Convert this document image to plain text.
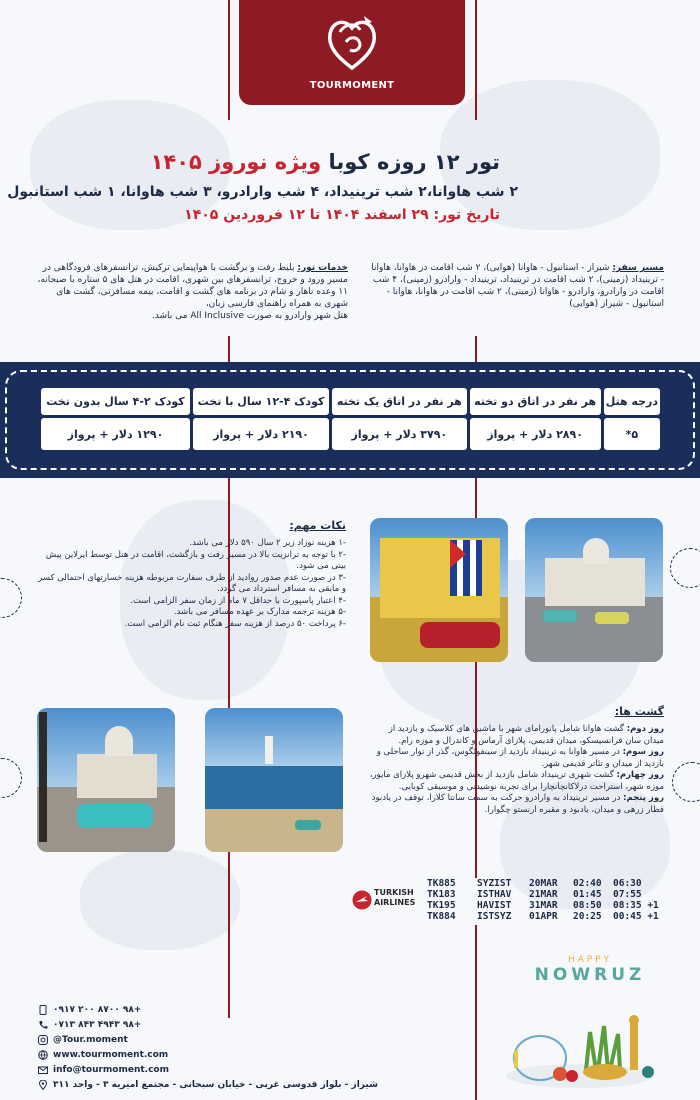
TOURMOMENT
تور ۱۲ روزه کوبا ویژه نوروز ۱۴۰۵
۲ شب هاوانا،۲ شب ترینیداد، ۴ شب وارادرو، ۳ شب هاوانا، ۱ شب استانبول
تاریخ تور: ۲۹ اسفند ۱۴۰۴ تا ۱۲ فروردین ۱۴۰۵
مسیر سفر: شیراز - استانبول - هاوانا (هوایی)، ۲ شب اقامت در هاوانا، هاوانا - ترینیداد (زمینی)، ۲ شب اقامت در ترینیداد، ترینیداد - وارادرو (زمینی)، ۴ شب اقامت در وارادرو، وارادرو - هاوانا (زمینی)، ۲ شب اقامت در هاوانا، هاوانا - استانبول - شیراز (هوایی)
خدمات تور: بلیط رفت و برگشت با هواپیمایی ترکیش، ترانسفرهای فرودگاهی در مسیر ورود و خروج، ترانسفرهای بین شهری، اقامت در هتل های ۵ ستاره با صبحانه، ۱۱ وعده ناهار و شام در برنامه های گشت و اقامت، بیمه مسافرتی، گشت های شهری به همراه راهنمای فارسی زبان،
هتل شهر وارادرو به صورت All Inclusive می باشد.
درجه هتل	هر نفر در اتاق دو تخته	هر نفر در اتاق یک تخته	کودک ۴-۱۲ سال با تخت	کودک ۲-۴ سال بدون تخت
۵*	۲۸۹۰ دلار + پرواز	۳۷۹۰ دلار + پرواز	۲۱۹۰ دلار + پرواز	۱۲۹۰ دلار + پرواز
نکات مهم:
-۱ هزینه نوزاد زیر ۲ سال ۵۹۰ دلار می باشد.
-۲ با توجه به ترانزیت بالا در مسیر رفت و بازگشت، اقامت در هتل توسط ایرلاین پیش بینی می شود.
-۳ در صورت عدم صدور روادید از طرف سفارت مربوطه هزینه خسارتهای احتمالی کسر و مابقی به مسافر استرداد می گردد.
-۴ اعتبار پاسپورت با حداقل ۷ ماه از زمان سفر الزامی است.
-۵ هزینه ترجمه مدارک بر عهده مسافر می باشد.
-۶ پرداخت ۵۰ درصد از هزینه سفر هنگام ثبت نام الزامی است.
گشت ها:
روز دوم: گشت هاوانا شامل پانورامای شهر با ماشین های کلاسیک و بازدید از میدان سان فرانسیسکو، میدان قدیمی، پلازای آرماس و کاندرال و موزه رام.
روز سوم: در مسیر هاوانا به ترینیداد بازدید از سینفوئگوس، گذر از نوار ساحلی و بازدید از میدان و تئاتر قدیمی شهر.
روز چهارم: گشت شهری ترینیداد شامل بازدید از بخش قدیمی شهرو پلازای مایور، موزه شهر، استراحت درلاکانچانچارا برای تجربه نوشیدنی و موسیقی کوبایی.
روز پنجم: در مسیر ترینیداد به وارادرو حرکت به سمت سانتا کلارا، توقف در یادبود قطار زرهی و میدان، یادبود و مقبره ارنستو چگوارا.
TURKISH
AIRLINES
TK885	SYZIST	20MAR	02:40	06:30
TK183	ISTHAV	21MAR	01:45	07:55
TK195	HAVIST	31MAR	08:50	08:35 +1
TK884	ISTSYZ	01APR	20:25	00:45 +1
HAPPY
NOWRUZ
۰۹۱۷ ۲۰۰ ۸۷۰۰ ۹۸+
۰۷۱۳ ۸۴۳ ۴۹۴۳ ۹۸+
@Tour.moment
www.tourmoment.com
info@tourmoment.com
شیراز - بلوار قدوسی غربی - خیابان سبحانی - مجتمع امیریه ۳ - واحد ۳۱۱
